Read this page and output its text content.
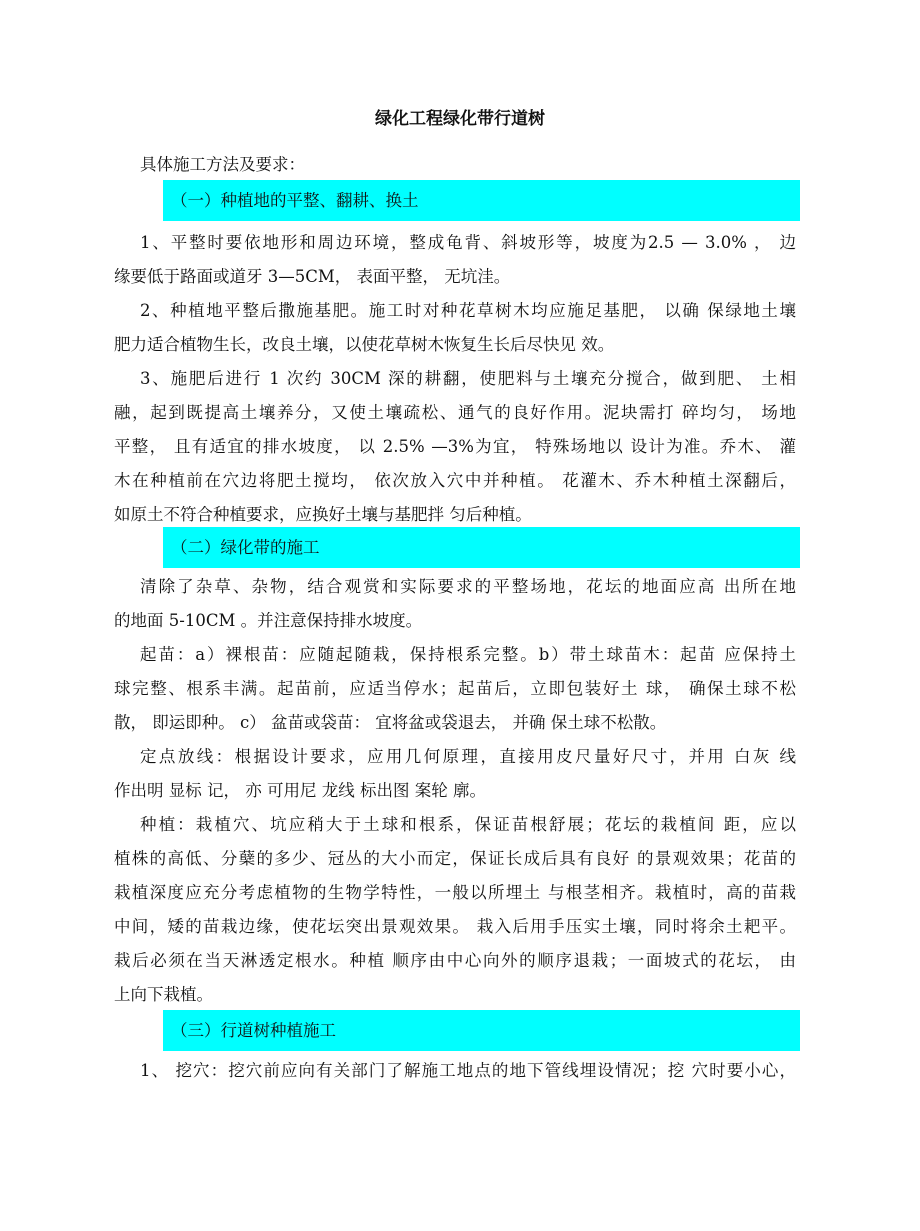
绿化工程绿化带行道树
具体施工方法及要求：
（一）种植地的平整、翻耕、换土
1、平整时要依地形和周边环境，整成龟背、斜坡形等，坡度为2.5 — 3.0% ， 边
缘要低于路面或道牙 3—5CM， 表面平整， 无坑洼。
2、种植地平整后撒施基肥。施工时对种花草树木均应施足基肥， 以确 保绿地土壤
肥力适合植物生长，改良土壤，以使花草树木恢复生长后尽快见 效。
3、施肥后进行 1 次约 30CM 深的耕翻，使肥料与土壤充分搅合，做到肥、 土相
融，起到既提高土壤养分，又使土壤疏松、通气的良好作用。泥块需打 碎均匀， 场地
平整， 且有适宜的排水坡度， 以 2.5% —3%为宜， 特殊场地以 设计为准。乔木、 灌
木在种植前在穴边将肥土搅均， 依次放入穴中并种植。 花灌木、乔木种植土深翻后，
如原土不符合种植要求，应换好土壤与基肥拌 匀后种植。
（二）绿化带的施工
清除了杂草、杂物，结合观赏和实际要求的平整场地，花坛的地面应高 出所在地
的地面 5-10CM 。并注意保持排水坡度。
起苗：a）裸根苗：应随起随栽，保持根系完整。b）带土球苗木：起苗 应保持土
球完整、根系丰满。起苗前，应适当停水；起苗后，立即包装好土 球， 确保土球不松
散， 即运即种。 c） 盆苗或袋苗： 宜将盆或袋退去， 并确 保土球不松散。
定点放线：根据设计要求，应用几何原理，直接用皮尺量好尺寸，并用 白灰 线
作出明 显标 记， 亦 可用尼 龙线 标出图 案轮 廓。
种植：栽植穴、坑应稍大于土球和根系，保证苗根舒展；花坛的栽植间 距，应以
植株的高低、分蘖的多少、冠丛的大小而定，保证长成后具有良好 的景观效果；花苗的
栽植深度应充分考虑植物的生物学特性，一般以所埋土 与根茎相齐。栽植时，高的苗栽
中间，矮的苗栽边缘，使花坛突出景观效果。 栽入后用手压实土壤，同时将余土耙平。
栽后必须在当天淋透定根水。种植 顺序由中心向外的顺序退栽；一面坡式的花坛， 由
上向下栽植。
（三）行道树种植施工
1、 挖穴：挖穴前应向有关部门了解施工地点的地下管线埋设情况；挖 穴时要小心，
